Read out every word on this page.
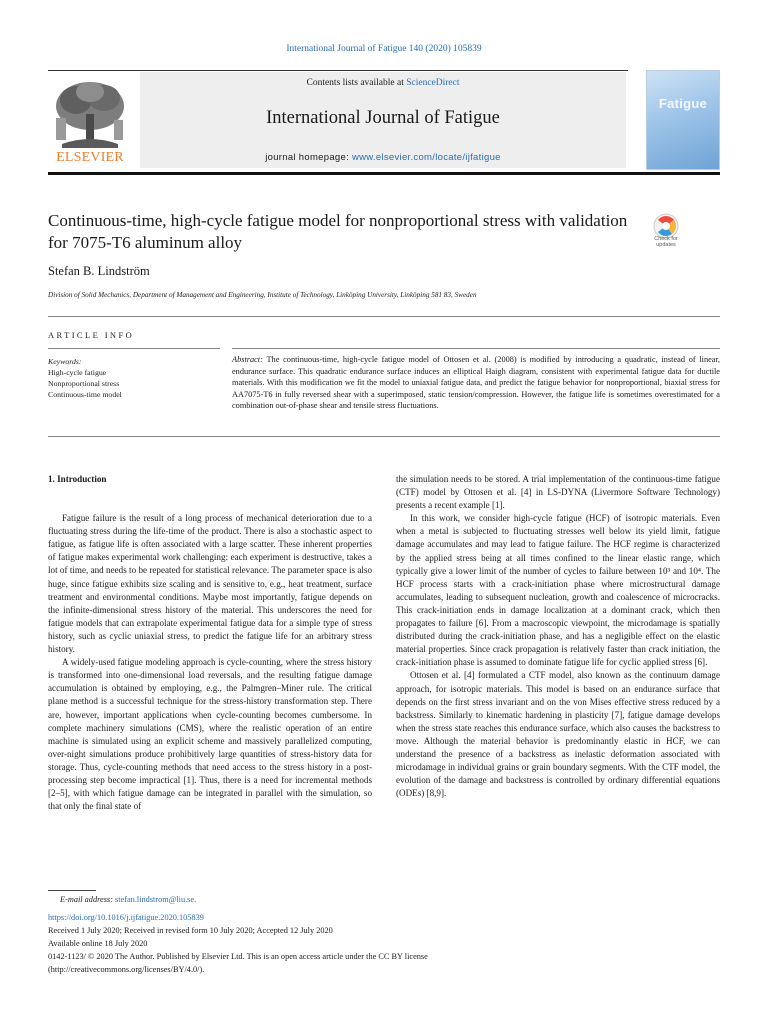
International Journal of Fatigue 140 (2020) 105839
Contents lists available at ScienceDirect
International Journal of Fatigue
journal homepage: www.elsevier.com/locate/ijfatigue
ELSEVIER
Fatigue
Continuous-time, high-cycle fatigue model for nonproportional stress with validation for 7075-T6 aluminum alloy	Check for updates
Stefan B. Lindström
Division of Solid Mechanics, Department of Management and Engineering, Institute of Technology, Linköping University, Linköping 581 83, Sweden
ARTICLE INFO
Keywords:
High-cycle fatigue
Nonproportional stress
Continuous-time model
Abstract: The continuous-time, high-cycle fatigue model of Ottosen et al. (2008) is modified by introducing a quadratic, instead of linear, endurance surface. This quadratic endurance surface induces an elliptical Haigh diagram, consistent with experimental fatigue data for ductile materials. With this modification we fit the model to uniaxial fatigue data, and predict the fatigue behavior for nonproportional, biaxial stress for AA7075-T6 in fully reversed shear with a superimposed, static tension/compression. However, the fatigue life is sometimes overestimated for a combination out-of-phase shear and tensile stress fluctuations.
1. Introduction

Fatigue failure is the result of a long process of mechanical deterioration due to a fluctuating stress during the life-time of the product. There is also a stochastic aspect to fatigue, as fatigue life is often associated with a large scatter. These inherent properties of fatigue makes experimental work challenging: each experiment is destructive, takes a lot of time, and needs to be repeated for statistical relevance. The parameter space is also huge, since fatigue exhibits size scaling and is sensitive to, e.g., heat treatment, surface treatment and environmental conditions. Maybe most importantly, fatigue depends on the infinite-dimensional stress history of the material. This underscores the need for fatigue models that can extrapolate experimental fatigue data for a simple type of stress history, such as cyclic uniaxial stress, to predict the fatigue life for an arbitrary stress history.

A widely-used fatigue modeling approach is cycle-counting, where the stress history is transformed into one-dimensional load reversals, and the resulting fatigue damage accumulation is obtained by employing, e.g., the Palmgren–Miner rule. The critical plane method is a successful technique for the stress-history transformation step. There are, however, important applications when cycle-counting becomes cumbersome. In complete machinery simulations (CMS), where the realistic operation of an entire machine is simulated using an explicit scheme and massively parallelized computing, over-night simulations produce prohibitively large quantities of stress-history data for storage. Thus, cycle-counting methods that need access to the stress history in a post-processing step become impractical [1]. Thus, there is a need for incremental methods [2–5], with which fatigue damage can be integrated in parallel with the simulation, so that only the final state of

the simulation needs to be stored. A trial implementation of the continuous-time fatigue (CTF) model by Ottosen et al. [4] in LS-DYNA (Livermore Software Technology) presents a recent example [1].

In this work, we consider high-cycle fatigue (HCF) of isotropic materials. Even when a metal is subjected to fluctuating stresses well below its yield limit, fatigue damage accumulates and may lead to fatigue failure. The HCF regime is characterized by the applied stress being at all times confined to the linear elastic range, which typically give a lower limit of the number of cycles to failure between 10³ and 10⁴. The HCF process starts with a crack-initiation phase where microstructural damage accumulates, leading to subsequent nucleation, growth and coalescence of microcracks. This crack-initiation ends in damage localization at a dominant crack, which then propagates to failure [6]. From a macroscopic viewpoint, the microdamage is spatially distributed during the crack-initiation phase, and has a negligible effect on the elastic material properties. Since crack propagation is relatively faster than crack initiation, the crack-initiation phase is assumed to dominate fatigue life for cyclic applied stress [6].

Ottosen et al. [4] formulated a CTF model, also known as the continuum damage approach, for isotropic materials. This model is based on an endurance surface that depends on the first stress invariant and on the von Mises effective stress reduced by a backstress. Similarly to kinematic hardening in plasticity [7], fatigue damage develops when the stress state reaches this endurance surface, which also causes the backstress to move. Although the material behavior is predominantly elastic in HCF, we can understand the presence of a backstress as inelastic deformation associated with microdamage in individual grains or grain boundary segments. With the CTF model, the evolution of the damage and backstress is controlled by ordinary differential equations (ODEs) [8,9].

E-mail address: stefan.lindstrom@liu.se.
https://doi.org/10.1016/j.ijfatigue.2020.105839
Received 1 July 2020; Received in revised form 10 July 2020; Accepted 12 July 2020
Available online 18 July 2020
0142-1123/ © 2020 The Author. Published by Elsevier Ltd. This is an open access article under the CC BY license
(http://creativecommons.org/licenses/BY/4.0/).
